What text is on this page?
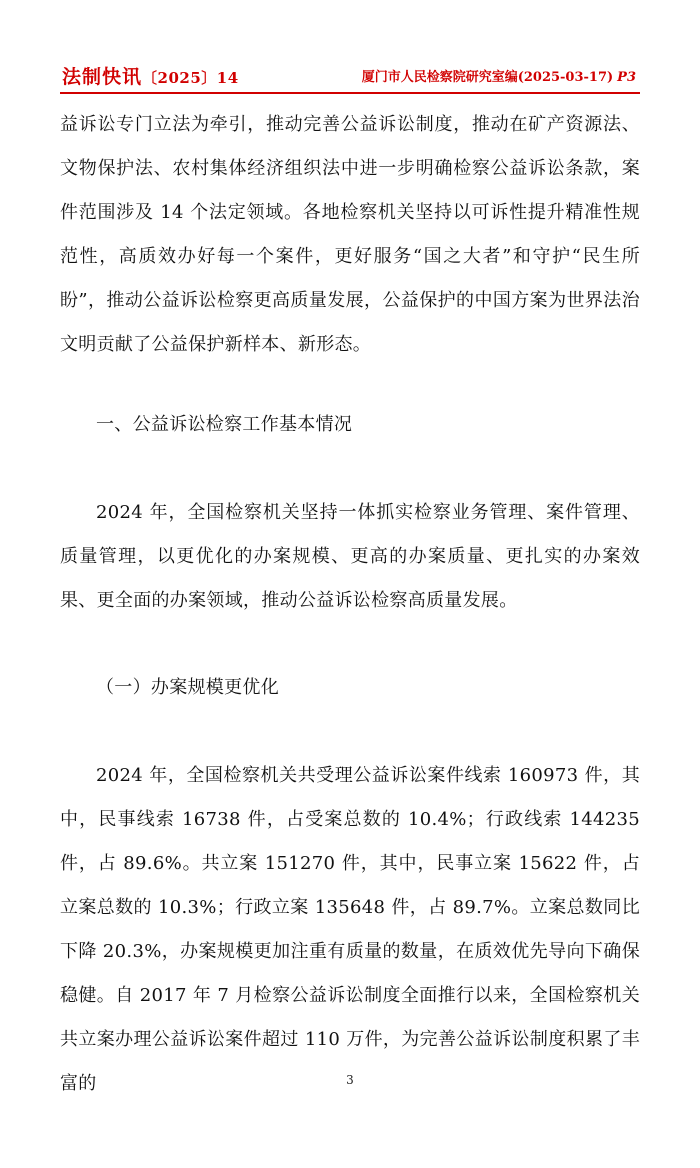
法制快讯〔2025〕14	厦门市人民检察院研究室编(2025-03-17) P3

益诉讼专门立法为牵引，推动完善公益诉讼制度，推动在矿产资源法、文物保护法、农村集体经济组织法中进一步明确检察公益诉讼条款，案件范围涉及 14 个法定领域。各地检察机关坚持以可诉性提升精准性规范性，高质效办好每一个案件，更好服务“国之大者”和守护“民生所盼”，推动公益诉讼检察更高质量发展，公益保护的中国方案为世界法治文明贡献了公益保护新样本、新形态。

一、公益诉讼检察工作基本情况

2024 年，全国检察机关坚持一体抓实检察业务管理、案件管理、质量管理，以更优化的办案规模、更高的办案质量、更扎实的办案效果、更全面的办案领域，推动公益诉讼检察高质量发展。

（一）办案规模更优化

2024 年，全国检察机关共受理公益诉讼案件线索 160973 件，其中，民事线索 16738 件，占受案总数的 10.4%；行政线索 144235 件，占 89.6%。共立案 151270 件，其中，民事立案 15622 件，占立案总数的 10.3%；行政立案 135648 件，占 89.7%。立案总数同比下降 20.3%，办案规模更加注重有质量的数量，在质效优先导向下确保稳健。自 2017 年 7 月检察公益诉讼制度全面推行以来，全国检察机关共立案办理公益诉讼案件超过 110 万件，为完善公益诉讼制度积累了丰富的	3
